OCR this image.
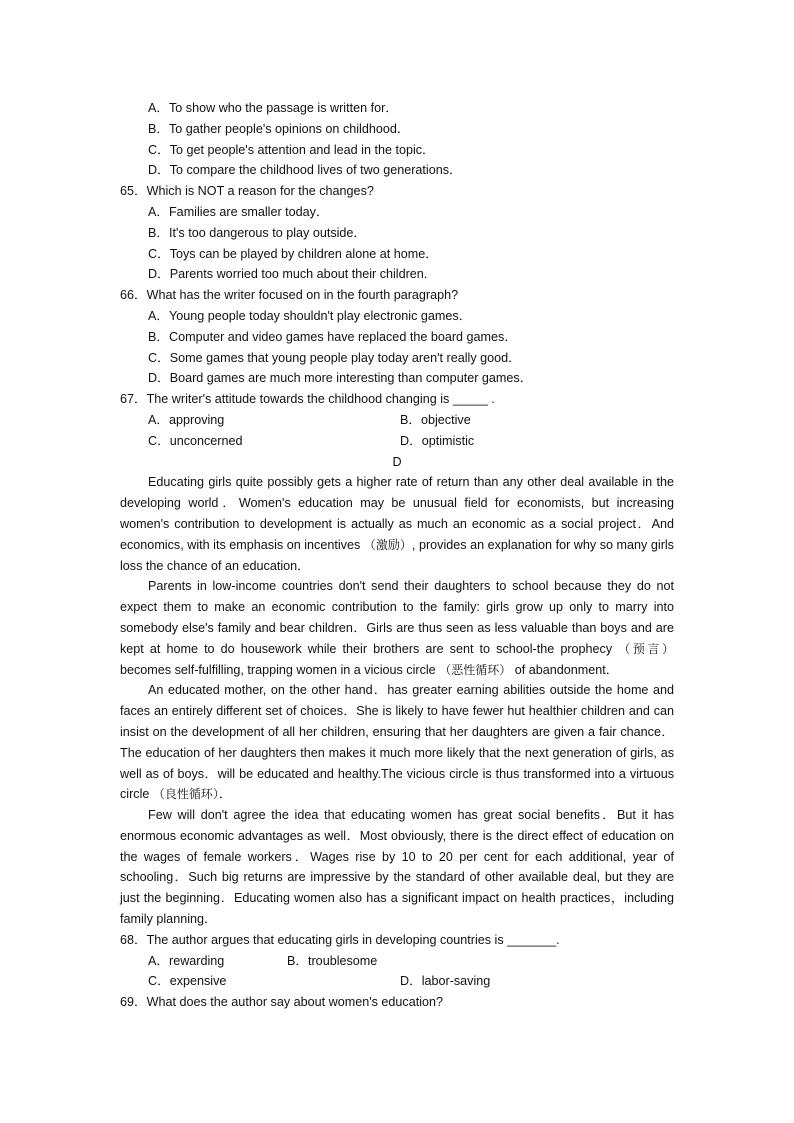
A．To show who the passage is written for．
B．To gather people's opinions on childhood．
C．To get people's attention and lead in the topic．
D．To compare the childhood lives of two generations．
65．Which is NOT a reason for the changes?
A．Families are smaller today．
B．It's too dangerous to play outside．
C．Toys can be played by children alone at home．
D．Parents worried too much about their children.
66．What has the writer focused on in the fourth paragraph?
A．Young people today shouldn't play electronic games．
B．Computer and video games have replaced the board games．
C．Some games that young people play today aren't really good．
D．Board games are much more interesting than computer games．
67．The writer's attitude towards the childhood changing is _____ .
A．approving	B．objective
C．unconcerned	D．optimistic
D

Educating girls quite possibly gets a higher rate of return than any other deal available in the developing world．Women's education may be unusual field for economists, but increasing women's contribution to development is actually as much an economic as a social project．And economics, with its emphasis on incentives （激励）, provides an explanation for why so many girls loss the chance of an education．

Parents in low-income countries don't send their daughters to school because they do not expect them to make an economic contribution to the family: girls grow up only to marry into somebody else's family and bear children．Girls are thus seen as less valuable than boys and are kept at home to do housework while their brothers are sent to school-the prophecy （预言） becomes self-fulfilling, trapping women in a vicious circle （恶性循环） of abandonment．

An educated mother, on the other hand．has greater earning abilities outside the home and faces an entirely different set of choices．She is likely to have fewer hut healthier children and can insist on the development of all her children, ensuring that her daughters are given a fair chance．The education of her daughters then makes it much more likely that the next generation of girls, as well as of boys．will be educated and healthy.The vicious circle is thus transformed into a virtuous circle （良性循环）．

Few will don't agree the idea that educating women has great social benefits．But it has enormous economic advantages as well．Most obviously, there is the direct effect of education on the wages of female workers．Wages rise by 10 to 20 per cent for each additional, year of schooling．Such big returns are impressive by the standard of other available deal, but they are just the beginning．Educating women also has a significant impact on health practices，including family planning．

68．The author argues that educating girls in developing countries is _______.
A．rewarding	B．troublesome
C．expensive	D．labor-saving
69．What does the author say about women's education?
